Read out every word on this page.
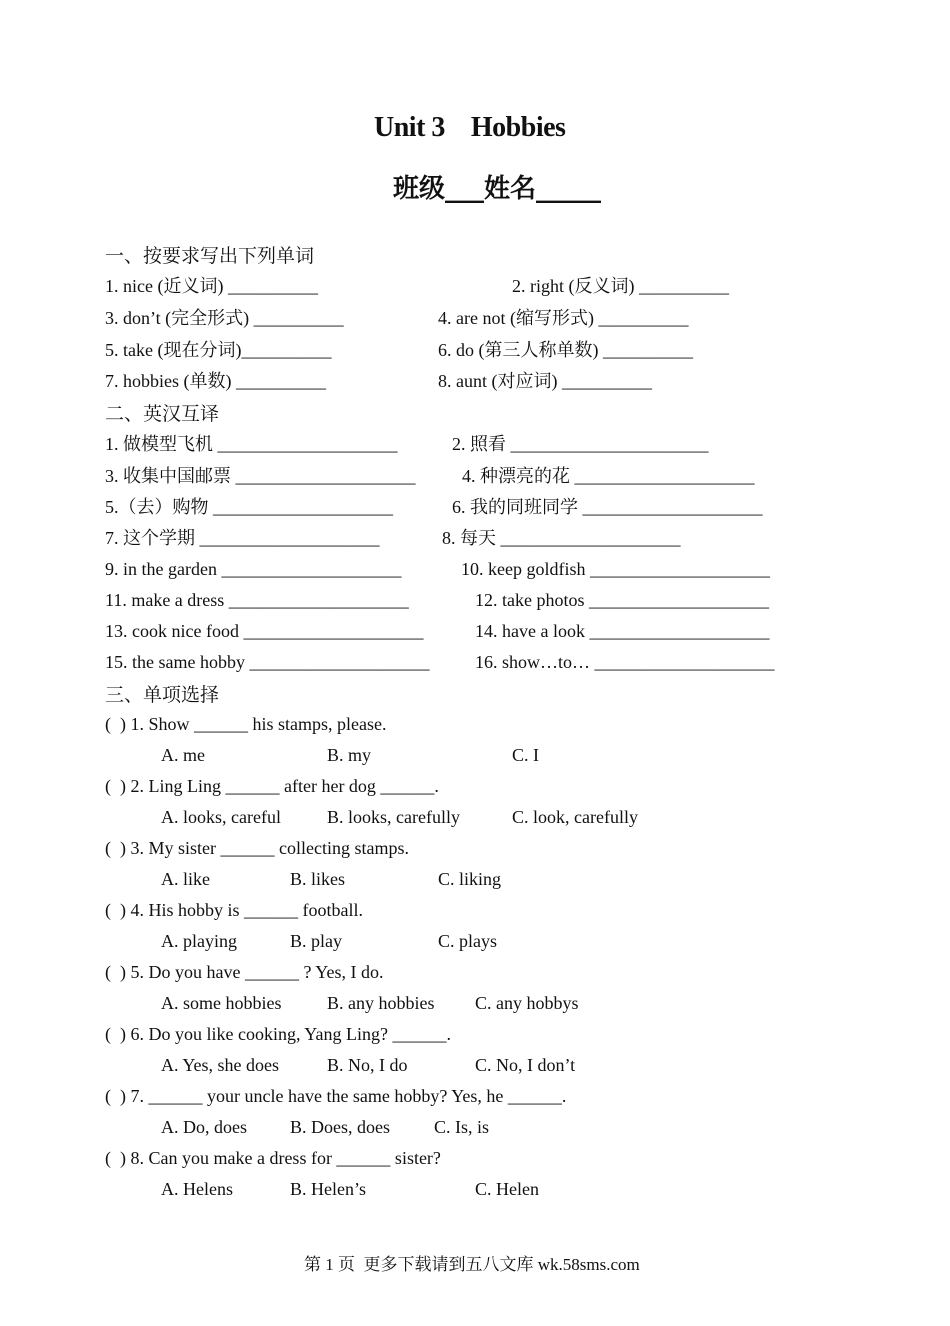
Unit 3    Hobbies
班级___姓名_____
一、按要求写出下列单词
1. nice (近义词) __________	2. right (反义词) __________
3. don’t (完全形式) __________	4. are not (缩写形式) __________
5. take (现在分词)__________	6. do (第三人称单数) __________
7. hobbies (单数) __________	8. aunt (对应词) __________
二、英汉互译
1. 做模型飞机 ____________________	2. 照看 ______________________
3. 收集中国邮票 ____________________	4. 种漂亮的花 ____________________
5.（去）购物 ____________________	6. 我的同班同学 ____________________
7. 这个学期 ____________________	8. 每天 ____________________
9. in the garden ____________________	10. keep goldfish ____________________
11. make a dress ____________________	12. take photos ____________________
13. cook nice food ____________________	14. have a look ____________________
15. the same hobby ____________________	16. show…to… ____________________
三、单项选择
(  ) 1. Show ______ his stamps, please.
A. me	B. my	C. I
(  ) 2. Ling Ling ______ after her dog ______.
A. looks, careful	B. looks, carefully	C. look, carefully
(  ) 3. My sister ______ collecting stamps.
A. like	B. likes	C. liking
(  ) 4. His hobby is ______ football.
A. playing	B. play	C. plays
(  ) 5. Do you have ______ ? Yes, I do.
A. some hobbies	B. any hobbies C. any hobbys
(  ) 6. Do you like cooking, Yang Ling? ______.
A. Yes, she does	B. No, I do	C. No, I don’t
(  ) 7. ______ your uncle have the same hobby? Yes, he ______.
A. Do, does B. Does, does C. Is, is
(  ) 8. Can you make a dress for ______ sister?
A. Helens	B. Helen’s	C. Helen
第 1 页  更多下载请到五八文库 wk.58sms.com
